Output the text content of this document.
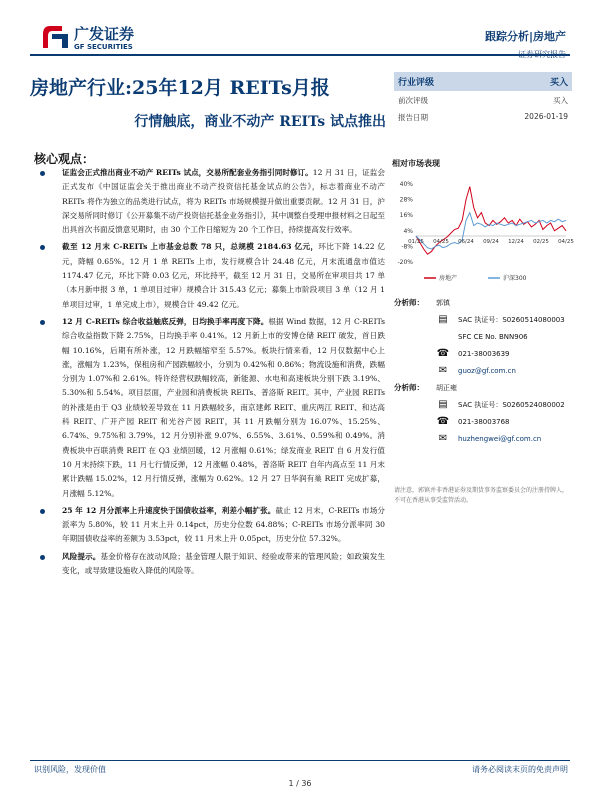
广发证券
GF SECURITIES
跟踪分析|房地产
房地产行业:25年12月 REITs月报
行情触底，商业不动产 REITs 试点推出
行业评级	买入
前次评级	买入
报告日期	2026-01-19
核心观点：
证监会正式推出商业不动产 REITs 试点，交易所配套业务指引同时修订。12 月 31 日，证监会正式发布《中国证监会关于推出商业不动产投资信托基金试点的公告》，标志着商业不动产 REITs 将作为独立的品类进行试点，将为 REITs 市场规模提升做出重要贡献。12 月 31 日，沪深交易所同时修订《公开募集不动产投资信托基金业务指引》，其中调整自受理申报材料之日起至出具首次书面反馈意见期时，由 30 个工作日缩短为 20 个工作日，持续提高发行效率。
截至 12 月末 C-REITs 上市基金总数 78 只，总规模 2184.63 亿元，环比下降 14.22 亿元，降幅 0.65%。12 月 1 单 REITs 上市，发行规模合计 24.48 亿元，月末流通盘市值达 1174.47 亿元，环比下降 0.03 亿元，环比持平，截至 12 月 31 日，交易所在审项目共 17 单（本月新申报 3 单，1 单项目过审）规模合计 315.43 亿元；募集上市阶段项目 3 单（12 月 1 单项目过审，1 单完成上市），规模合计 49.42 亿元。
12 月 C-REITs 综合收益触底反弹，日均换手率再度下降。根据 Wind 数据，12 月 C-REITs 综合收益指数下降 2.75%，日均换手率 0.41%。12 月新上市的安博仓储 REIT 破发，首日跌幅 10.16%，后期有所补涨，12 月跌幅缩窄至 5.57%。板块行情来看，12 月仅数据中心上涨，涨幅为 1.23%，保租房和产园跌幅较小，分别为 0.42%和 0.86%；物流设施和消费，跌幅分别为 1.07%和 2.61%。特许经营权跌幅较高，新能源、水电和高速板块分别下跌 3.19%、5.30%和 5.54%。项目层面，产业园和消费板块 REITs、普洛斯 REIT。其中，产业园 REITs 的补涨是由于 Q3 业绩较差导致在 11 月跌幅较多，南京建邺 REIT、重庆两江 REIT、和达高科 REIT、广开产园 REIT 和光谷产园 REIT，其 11 月跌幅分别为 16.07%、15.25%、6.74%、9.75%和 3.79%，12 月分别补涨 9.07%、6.55%、3.61%、0.59%和 0.49%。消费板块中百联消费 REIT 在 Q3 业绩回暖，12 月涨幅 0.61%；绿发商业 REIT 自 6 月发行值 10 月末持续下跌，11 月七行情反弹，12 月涨幅 0.48%，普洛斯 REIT 自年内高点至 11 月末累计跌幅 15.02%，12 月行情反弹，涨幅为 0.62%。12 月 27 日华润有巢 REIT 完成扩募，月涨幅 5.12%。
25 年 12 月分派率上升速度快于国债收益率，利差小幅扩张。截止 12 月末，C-REITs 市场分派率为 5.80%，较 11 月末上升 0.14pct，历史分位数 64.88%；C-REITs 市场分派率同 30 年期国债收益率的差额为 3.53pct，较 11 月末上升 0.05pct，历史分位 57.32%。
风险提示。基金价格存在波动风险；基金管理人限于知识、经验或带来的管理风险；如政策发生变化，或导致建设施收入降低的风险等。
相对市场表现
-20%
-8%
4%
16%
28%
40%
01/25 04/25 06/24 09/24 12/24 02/25 04/25
房地产	沪深300
分析师：	郭镇
▤	SAC 执证号：S0260514080003
SFC CE No. BNN906
☎ 021-38003639
✉	guoz@gf.com.cn
分析师：	胡正雍
▤	SAC 执证号：S0260524080002
☎ 021-38003768
✉	huzhengwei@gf.com.cn
请注意，郭镇并非香港证券及期货事务监察委员会的注册持牌人，不可在香港从事受监管活动。
识别风险，发现价值
1 / 36
请务必阅读末页的免责声明
